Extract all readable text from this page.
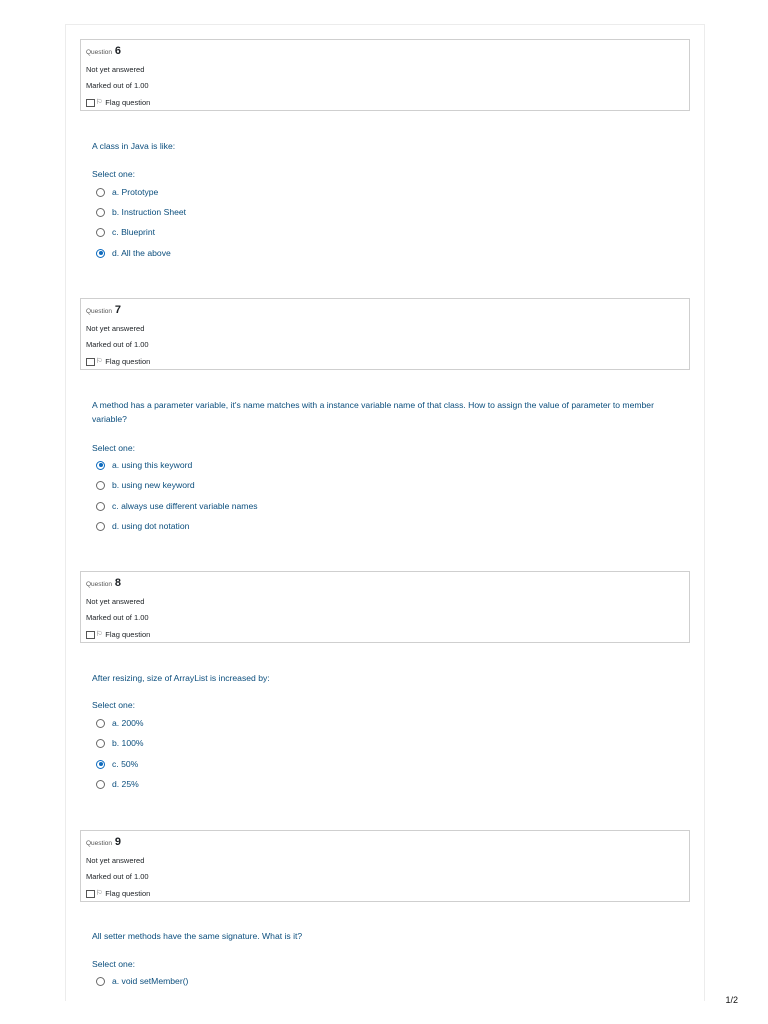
Question 6
Not yet answered
Marked out of 1.00
⚐ Flag question
A class in Java is like:
Select one:
a. Prototype
b. Instruction Sheet
c. Blueprint
d. All the above
Question 7
Not yet answered
Marked out of 1.00
⚐ Flag question
A method has a parameter variable, it's name matches with a instance variable name of that class. How to assign the value of parameter to member variable?
Select one:
a. using this keyword
b. using new keyword
c. always use different variable names
d. using dot notation
Question 8
Not yet answered
Marked out of 1.00
⚐ Flag question
After resizing, size of ArrayList is increased by:
Select one:
a. 200%
b. 100%
c. 50%
d. 25%
Question 9
Not yet answered
Marked out of 1.00
⚐ Flag question
All setter methods have the same signature. What is it?
Select one:
a. void setMember()
1/2
